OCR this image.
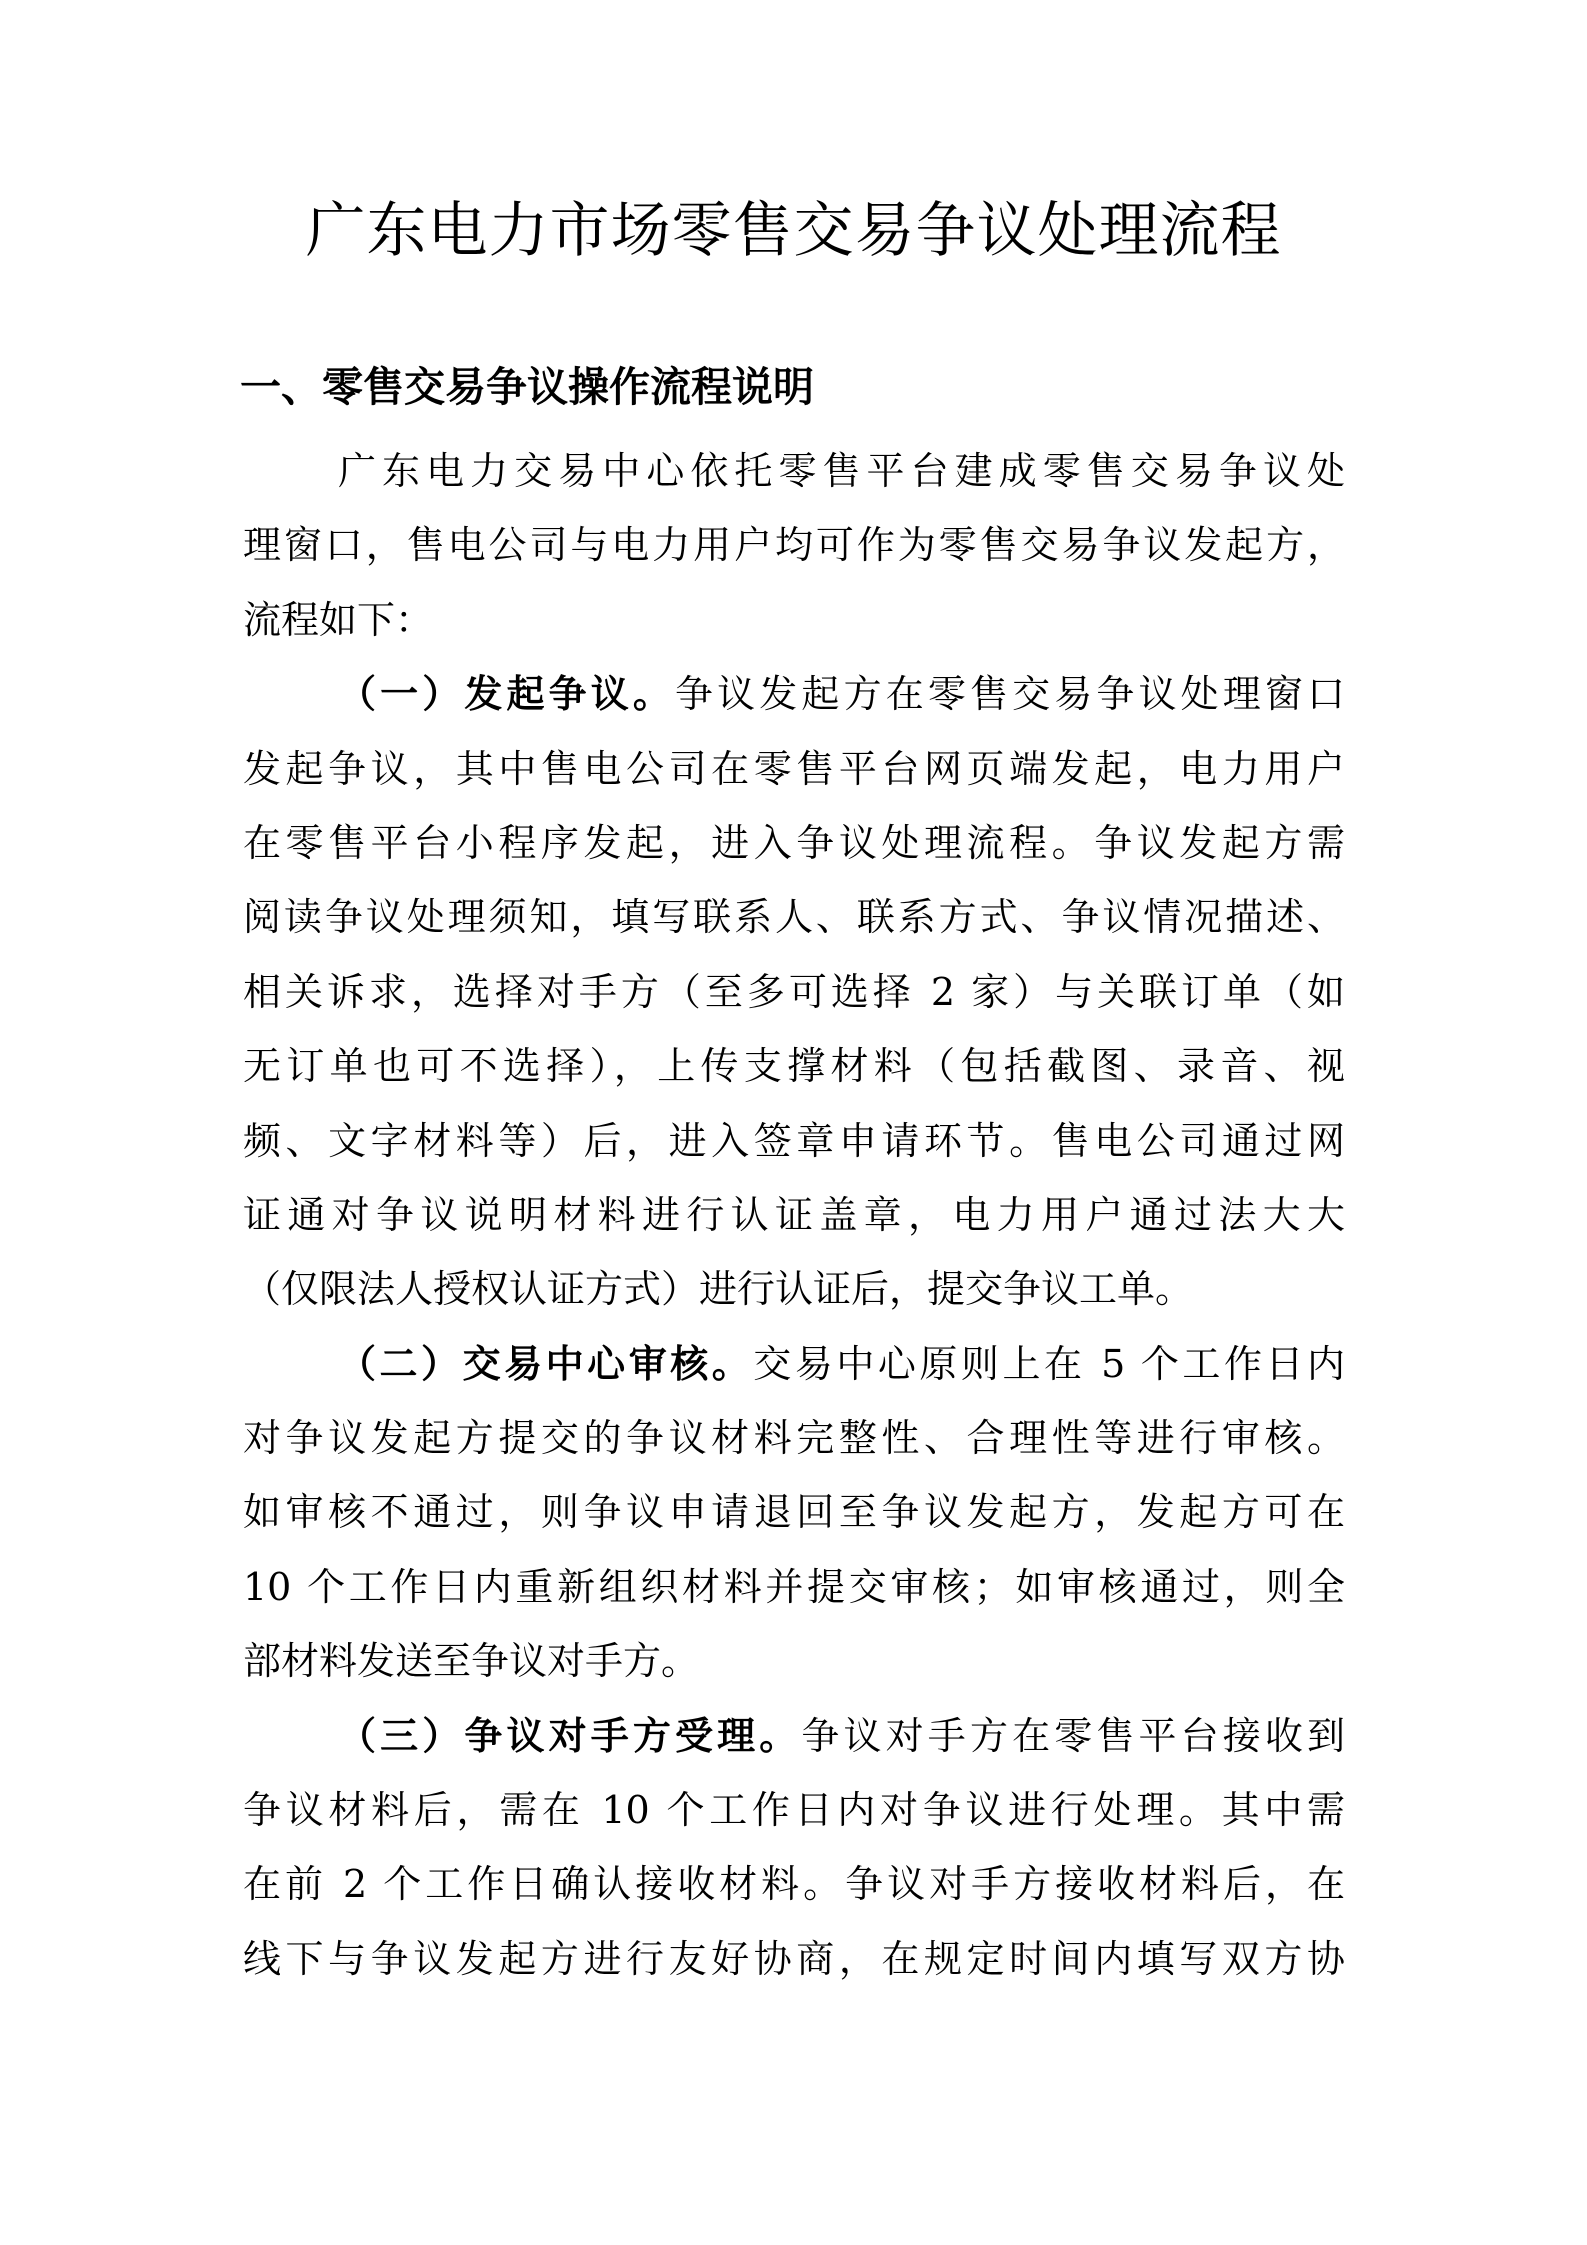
广东电力市场零售交易争议处理流程
一、零售交易争议操作流程说明
广东电力交易中心依托零售平台建成零售交易争议处
理窗口，售电公司与电力用户均可作为零售交易争议发起方，
流程如下：
（一）发起争议。争议发起方在零售交易争议处理窗口
发起争议，其中售电公司在零售平台网页端发起，电力用户
在零售平台小程序发起，进入争议处理流程。争议发起方需
阅读争议处理须知，填写联系人、联系方式、争议情况描述、
相关诉求，选择对手方（至多可选择 2 家）与关联订单（如
无订单也可不选择），上传支撑材料（包括截图、录音、视
频、文字材料等）后，进入签章申请环节。售电公司通过网
证通对争议说明材料进行认证盖章，电力用户通过法大大
（仅限法人授权认证方式）进行认证后，提交争议工单。
（二）交易中心审核。交易中心原则上在 5 个工作日内
对争议发起方提交的争议材料完整性、合理性等进行审核。
如审核不通过，则争议申请退回至争议发起方，发起方可在
10 个工作日内重新组织材料并提交审核；如审核通过，则全
部材料发送至争议对手方。
（三）争议对手方受理。争议对手方在零售平台接收到
争议材料后，需在 10 个工作日内对争议进行处理。其中需
在前 2 个工作日确认接收材料。争议对手方接收材料后，在
线下与争议发起方进行友好协商，在规定时间内填写双方协
